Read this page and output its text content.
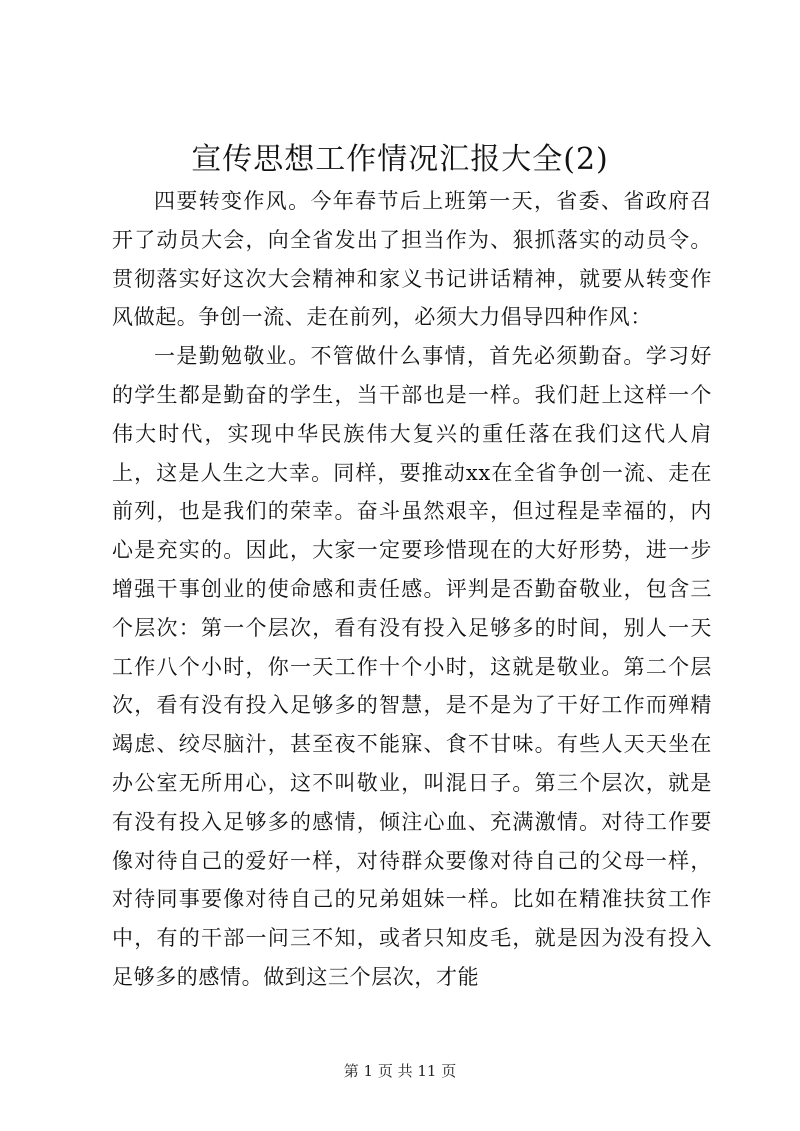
宣传思想工作情况汇报大全(2)

四要转变作风。今年春节后上班第一天，省委、省政府召开了动员大会，向全省发出了担当作为、狠抓落实的动员令。贯彻落实好这次大会精神和家义书记讲话精神，就要从转变作风做起。争创一流、走在前列，必须大力倡导四种作风：

一是勤勉敬业。不管做什么事情，首先必须勤奋。学习好的学生都是勤奋的学生，当干部也是一样。我们赶上这样一个伟大时代，实现中华民族伟大复兴的重任落在我们这代人肩上，这是人生之大幸。同样，要推动xx在全省争创一流、走在前列，也是我们的荣幸。奋斗虽然艰辛，但过程是幸福的，内心是充实的。因此，大家一定要珍惜现在的大好形势，进一步增强干事创业的使命感和责任感。评判是否勤奋敬业，包含三个层次：第一个层次，看有没有投入足够多的时间，别人一天工作八个小时，你一天工作十个小时，这就是敬业。第二个层次，看有没有投入足够多的智慧，是不是为了干好工作而殚精竭虑、绞尽脑汁，甚至夜不能寐、食不甘味。有些人天天坐在办公室无所用心，这不叫敬业，叫混日子。第三个层次，就是有没有投入足够多的感情，倾注心血、充满激情。对待工作要像对待自己的爱好一样，对待群众要像对待自己的父母一样，对待同事要像对待自己的兄弟姐妹一样。比如在精准扶贫工作中，有的干部一问三不知，或者只知皮毛，就是因为没有投入足够多的感情。做到这三个层次，才能

第 1 页 共 11 页
